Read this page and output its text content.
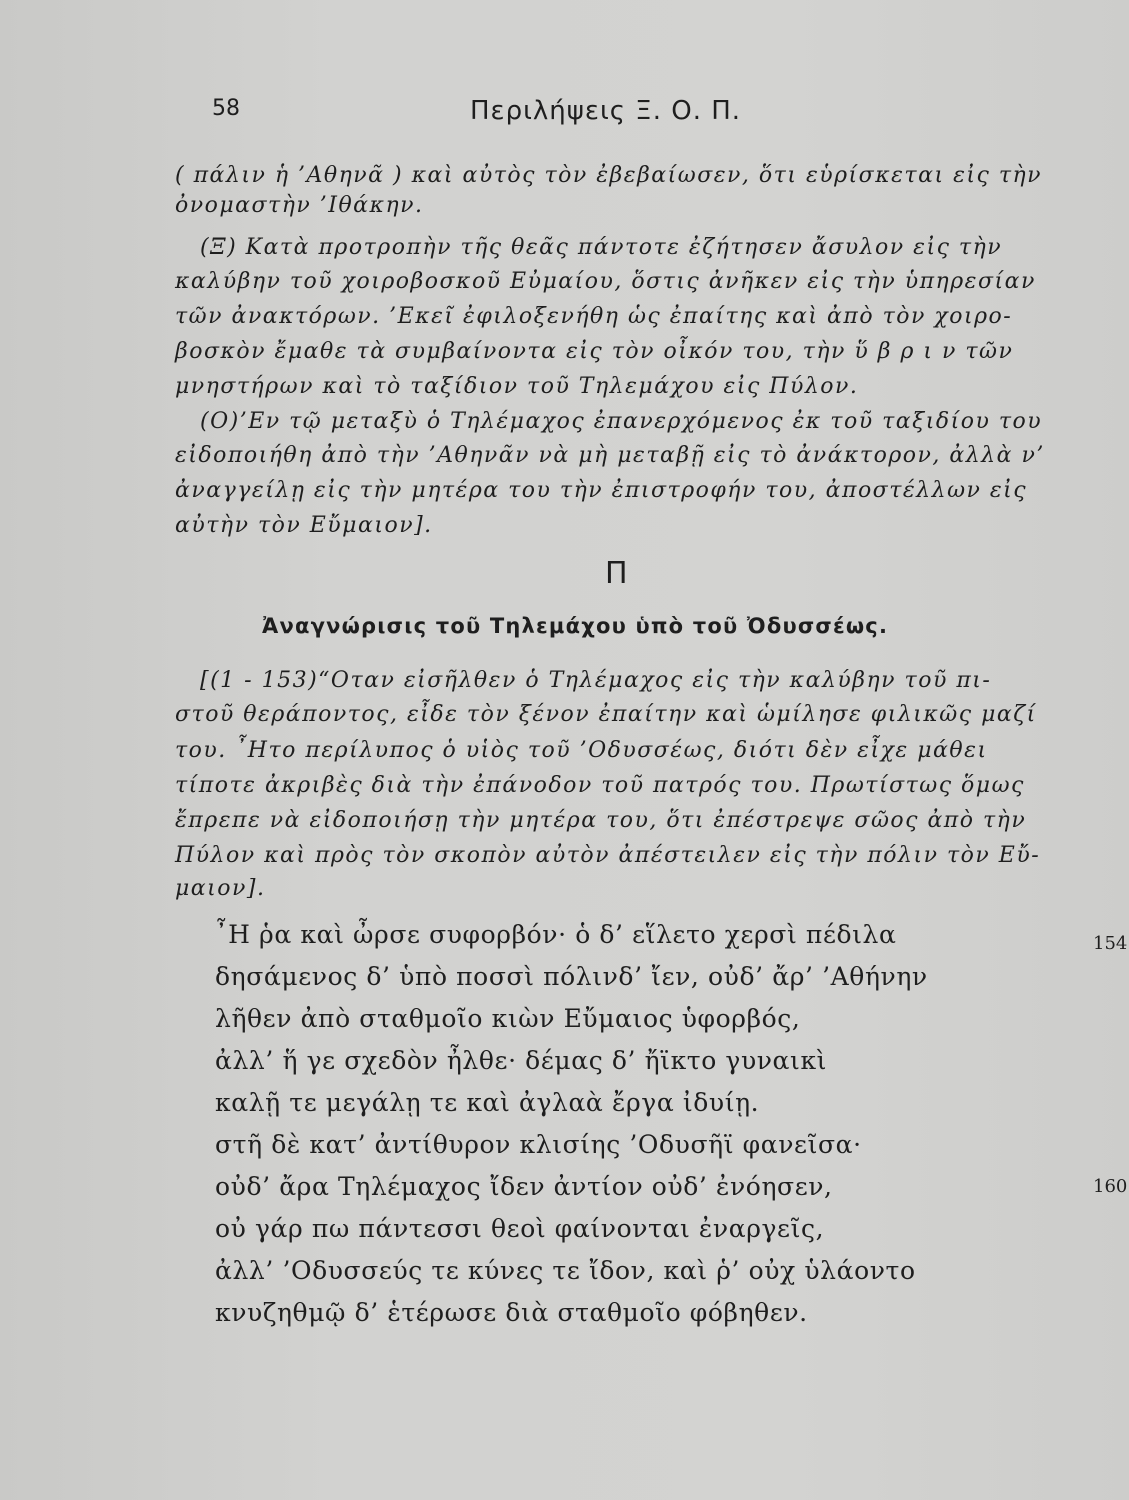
58	Περιλήψεις Ξ. Ο. Π.
( πάλιν ἡ ’Αθηνᾶ ) καὶ αὐτὸς τὸν ἐβεβαίωσεν, ὅτι εὑρίσκεται εἰς τὴν
ὀνομαστὴν ’Ιθάκην.
(Ξ) Κατὰ προτροπὴν τῆς θεᾶς πάντοτε ἐζήτησεν ἄσυλον εἰς τὴν
καλύβην τοῦ χοιροβοσκοῦ Εὐμαίου, ὅστις ἀνῆκεν εἰς τὴν ὑπηρεσίαν
τῶν ἀνακτόρων. ’Εκεῖ ἐφιλοξενήθη ὡς ἐπαίτης καὶ ἀπὸ τὸν χοιρο-
βοσκὸν ἔμαθε τὰ συμβαίνοντα εἰς τὸν οἶκόν του, τὴν ὕ β ρ ι ν τῶν
μνηστήρων καὶ τὸ ταξίδιον τοῦ Τηλεμάχου εἰς Πύλον.
(Ο)’Εν τῷ μεταξὺ ὁ Τηλέμαχος ἐπανερχόμενος ἐκ τοῦ ταξιδίου του
εἰδοποιήθη ἀπὸ τὴν ’Αθηνᾶν νὰ μὴ μεταβῇ εἰς τὸ ἀνάκτορον, ἀλλὰ ν’
ἀναγγείλῃ εἰς τὴν μητέρα του τὴν ἐπιστροφήν του, ἀποστέλλων εἰς
αὐτὴν τὸν Εὔμαιον].
Π
Ἀναγνώρισις τοῦ Τηλεμάχου ὑπὸ τοῦ Ὀδυσσέως.
[(1 - 153)“Οταν εἰσῆλθεν ὁ Τηλέμαχος εἰς τὴν καλύβην τοῦ πι-
στοῦ θεράποντος, εἶδε τὸν ξένον ἐπαίτην καὶ ὡμίλησε φιλικῶς μαζί
του. ῏Ητο περίλυπος ὁ υἱὸς τοῦ ’Οδυσσέως, διότι δὲν εἶχε μάθει
τίποτε ἀκριβὲς διὰ τὴν ἐπάνοδον τοῦ πατρός του. Πρωτίστως ὅμως
ἔπρεπε νὰ εἰδοποιήσῃ τὴν μητέρα του, ὅτι ἐπέστρεψε σῶος ἀπὸ τὴν
Πύλον καὶ πρὸς τὸν σκοπὸν αὐτὸν ἀπέστειλεν εἰς τὴν πόλιν τὸν Εὔ-
μαιον].
῏Η ῥα καὶ ὦρσε συφορβόν· ὁ δ’ εἵλετο χερσὶ πέδιλα
δησάμενος δ’ ὑπὸ ποσσὶ πόλινδ’ ἴεν, οὐδ’ ἄρ’ ’Αθήνην
λῆθεν ἀπὸ σταθμοῖο κιὼν Εὔμαιος ὑφορβός,
ἀλλ’ ἥ γε σχεδὸν ἦλθε· δέμας δ’ ἤϊκτο γυναικὶ
καλῇ τε μεγάλῃ τε καὶ ἀγλαὰ ἔργα ἰδυίῃ.
στῆ δὲ κατ’ ἀντίθυρον κλισίης ’Οδυσῆϊ φανεῖσα·
οὐδ’ ἄρα Τηλέμαχος ἴδεν ἀντίον οὐδ’ ἐνόησεν,
οὐ γάρ πω πάντεσσι θεοὶ φαίνονται ἐναργεῖς,
ἀλλ’ ’Οδυσσεύς τε κύνες τε ἴδον, καὶ ῥ’ οὐχ ὑλάοντο
κνυζηθμῷ δ’ ἑτέρωσε διὰ σταθμοῖο φόβηθεν.
154
160
